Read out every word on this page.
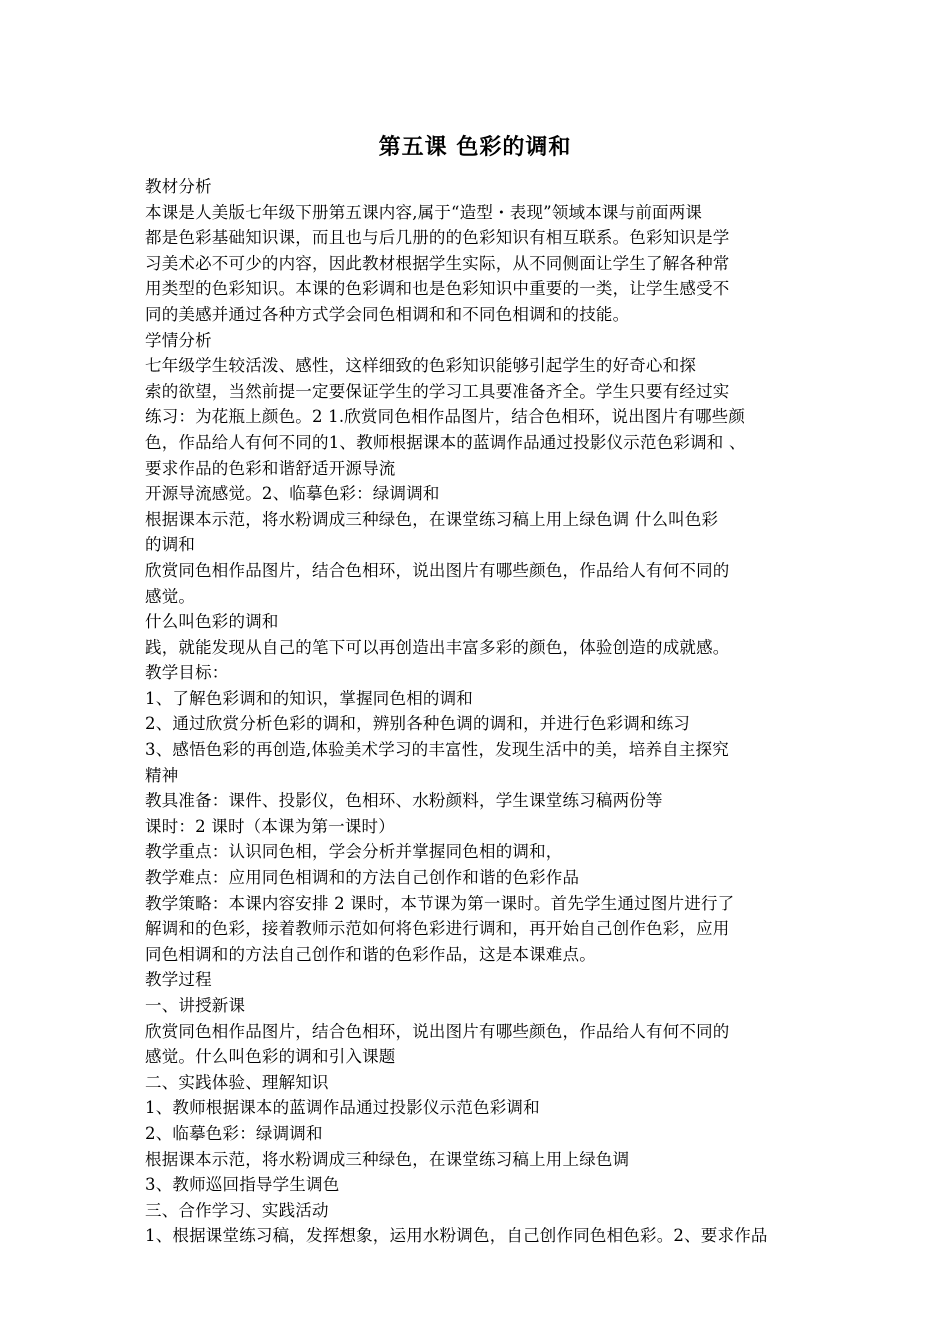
第五课 色彩的调和
教材分析
本课是人美版七年级下册第五课内容,属于“造型・表现”领域本课与前面两课
都是色彩基础知识课，而且也与后几册的的色彩知识有相互联系。色彩知识是学
习美术必不可少的内容，因此教材根据学生实际，从不同侧面让学生了解各种常
用类型的色彩知识。本课的色彩调和也是色彩知识中重要的一类，让学生感受不
同的美感并通过各种方式学会同色相调和和不同色相调和的技能。
学情分析
七年级学生较活泼、感性，这样细致的色彩知识能够引起学生的好奇心和探
索的欲望，当然前提一定要保证学生的学习工具要准备齐全。学生只要有经过实
练习：为花瓶上颜色。2 1.欣赏同色相作品图片，结合色相环，说出图片有哪些颜
色，作品给人有何不同的1、教师根据课本的蓝调作品通过投影仪示范色彩调和 、
要求作品的色彩和谐舒适开源导流
开源导流感觉。2、临摹色彩：绿调调和
根据课本示范，将水粉调成三种绿色，在课堂练习稿上用上绿色调 什么叫色彩
的调和
欣赏同色相作品图片，结合色相环，说出图片有哪些颜色，作品给人有何不同的
感觉。
什么叫色彩的调和
践，就能发现从自己的笔下可以再创造出丰富多彩的颜色，体验创造的成就感。
教学目标：
1、了解色彩调和的知识，掌握同色相的调和
2、通过欣赏分析色彩的调和，辨别各种色调的调和，并进行色彩调和练习
3、感悟色彩的再创造,体验美术学习的丰富性，发现生活中的美，培养自主探究
精神
教具准备：课件、投影仪，色相环、水粉颜料，学生课堂练习稿两份等
课时：2 课时（本课为第一课时）
教学重点：认识同色相，学会分析并掌握同色相的调和，
教学难点：应用同色相调和的方法自己创作和谐的色彩作品
教学策略：本课内容安排 2 课时，本节课为第一课时。首先学生通过图片进行了
解调和的色彩，接着教师示范如何将色彩进行调和，再开始自己创作色彩，应用
同色相调和的方法自己创作和谐的色彩作品，这是本课难点。
教学过程
一、讲授新课
欣赏同色相作品图片，结合色相环，说出图片有哪些颜色，作品给人有何不同的
感觉。什么叫色彩的调和引入课题
二、实践体验、理解知识
1、教师根据课本的蓝调作品通过投影仪示范色彩调和
2、临摹色彩：绿调调和
根据课本示范，将水粉调成三种绿色，在课堂练习稿上用上绿色调
3、教师巡回指导学生调色
三、合作学习、实践活动
1、根据课堂练习稿，发挥想象，运用水粉调色，自己创作同色相色彩。2、要求作品
